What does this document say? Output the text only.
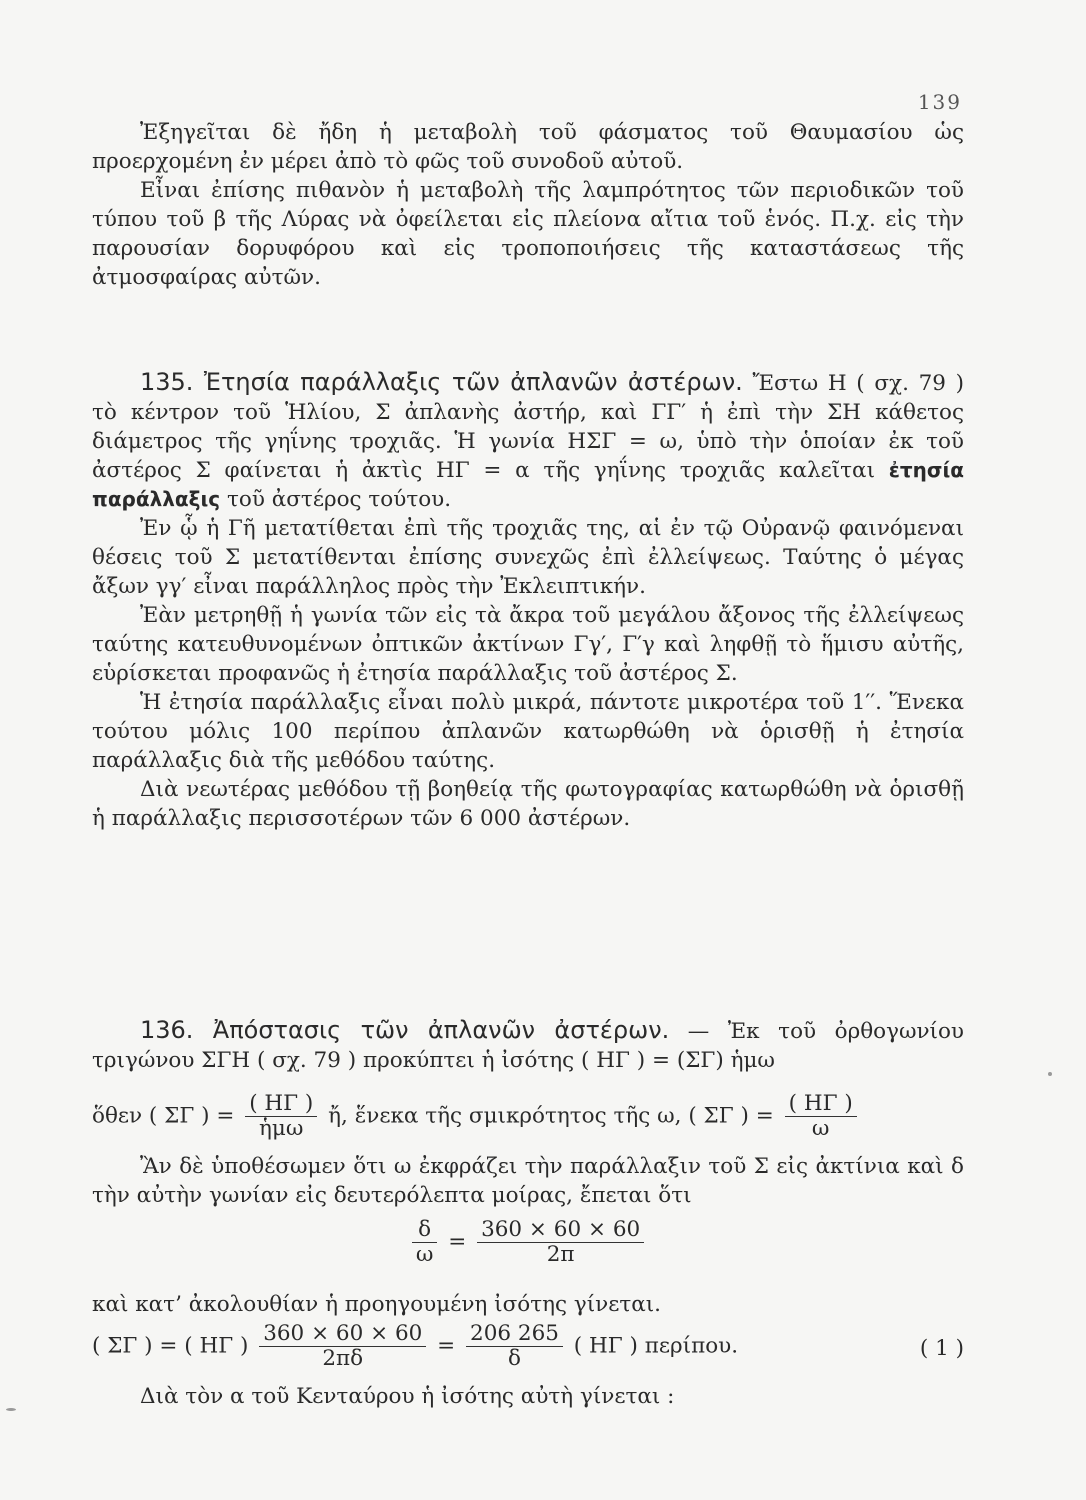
139

Ἐξηγεῖται δὲ ἤδη ἡ μεταβολὴ τοῦ φάσματος τοῦ Θαυμασίου ὡς προερχομένη ἐν μέρει ἀπὸ τὸ φῶς τοῦ συνοδοῦ αὐτοῦ.

Εἶναι ἐπίσης πιθανὸν ἡ μεταβολὴ τῆς λαμπρότητος τῶν περιοδικῶν τοῦ τύπου τοῦ β τῆς Λύρας νὰ ὀφείλεται εἰς πλείονα αἴτια τοῦ ἑνός. Π.χ. εἰς τὴν παρουσίαν δορυφόρου καὶ εἰς τροποποιήσεις τῆς καταστάσεως τῆς ἀτμοσφαίρας αὐτῶν.

135. Ἐτησία παράλλαξις τῶν ἀπλανῶν ἀστέρων. Ἔστω Η ( σχ. 79 ) τὸ κέντρον τοῦ Ἡλίου, Σ ἀπλανὴς ἀστήρ, καὶ ΓΓ′ ἡ ἐπὶ τὴν ΣΗ κάθετος διάμετρος τῆς γηΐνης τροχιᾶς. Ἡ γωνία ΗΣΓ = ω, ὑπὸ τὴν ὁποίαν ἐκ τοῦ ἀστέρος Σ φαίνεται ἡ ἀκτὶς ΗΓ = α τῆς γηΐνης τροχιᾶς καλεῖται ἐτησία παράλλαξις τοῦ ἀστέρος τούτου.

Ἐν ᾧ ἡ Γῆ μετατίθεται ἐπὶ τῆς τροχιᾶς της, αἱ ἐν τῷ Οὐρανῷ φαινόμεναι θέσεις τοῦ Σ μετατίθενται ἐπίσης συνεχῶς ἐπὶ ἐλλείψεως. Ταύτης ὁ μέγας ἄξων γγ′ εἶναι παράλληλος πρὸς τὴν Ἐκλειπτικήν.

Ἐὰν μετρηθῇ ἡ γωνία τῶν εἰς τὰ ἄκρα τοῦ μεγάλου ἄξονος τῆς ἐλλείψεως ταύτης κατευθυνομένων ὀπτικῶν ἀκτίνων Γγ′, Γ′γ καὶ ληφθῇ τὸ ἥμισυ αὐτῆς, εὑρίσκεται προφανῶς ἡ ἐτησία παράλλαξις τοῦ ἀστέρος Σ.

Ἡ ἐτησία παράλλαξις εἶναι πολὺ μικρά, πάντοτε μικροτέρα τοῦ 1′′. Ἕνεκα τούτου μόλις 100 περίπου ἀπλανῶν κατωρθώθη νὰ ὁρισθῇ ἡ ἐτησία παράλλαξις διὰ τῆς μεθόδου ταύτης.

Διὰ νεωτέρας μεθόδου τῇ βοηθείᾳ τῆς φωτογραφίας κατωρθώθη νὰ ὁρισθῇ ἡ παράλλαξις περισσοτέρων τῶν 6 000 ἀστέρων.

136. Ἀπόστασις τῶν ἀπλανῶν ἀστέρων. — Ἐκ τοῦ ὀρθογωνίου τριγώνου ΣΓΗ ( σχ. 79 ) προκύπτει ἡ ἰσότης ( ΗΓ ) = (ΣΓ) ἡμω

ὅθεν ( ΣΓ ) = $\frac{( H\Gamma )}{\text{ἡμω}}$ ἤ, ἕνεκα τῆς σμικρότητος τῆς ω, ( ΣΓ ) = $\frac{( H\Gamma )}{\omega}$

Ἂν δὲ ὑποθέσωμεν ὅτι ω ἐκφράζει τὴν παράλλαξιν τοῦ Σ εἰς ἀκτίνια καὶ δ τὴν αὐτὴν γωνίαν εἰς δευτερόλεπτα μοίρας, ἔπεται ὅτι

$\frac{\delta}{\omega} = \frac{360 \times 60 \times 60}{2\pi}$

καὶ κατ’ ἀκολουθίαν ἡ προηγουμένη ἰσότης γίνεται.

( ΣΓ ) = ( ΗΓ ) $\frac{360 \times 60 \times 60}{2\pi\delta} = \frac{206 265}{\delta}$ ( ΗΓ ) περίπου.	( 1 )

Διὰ τὸν α τοῦ Κενταύρου ἡ ἰσότης αὐτὴ γίνεται :
